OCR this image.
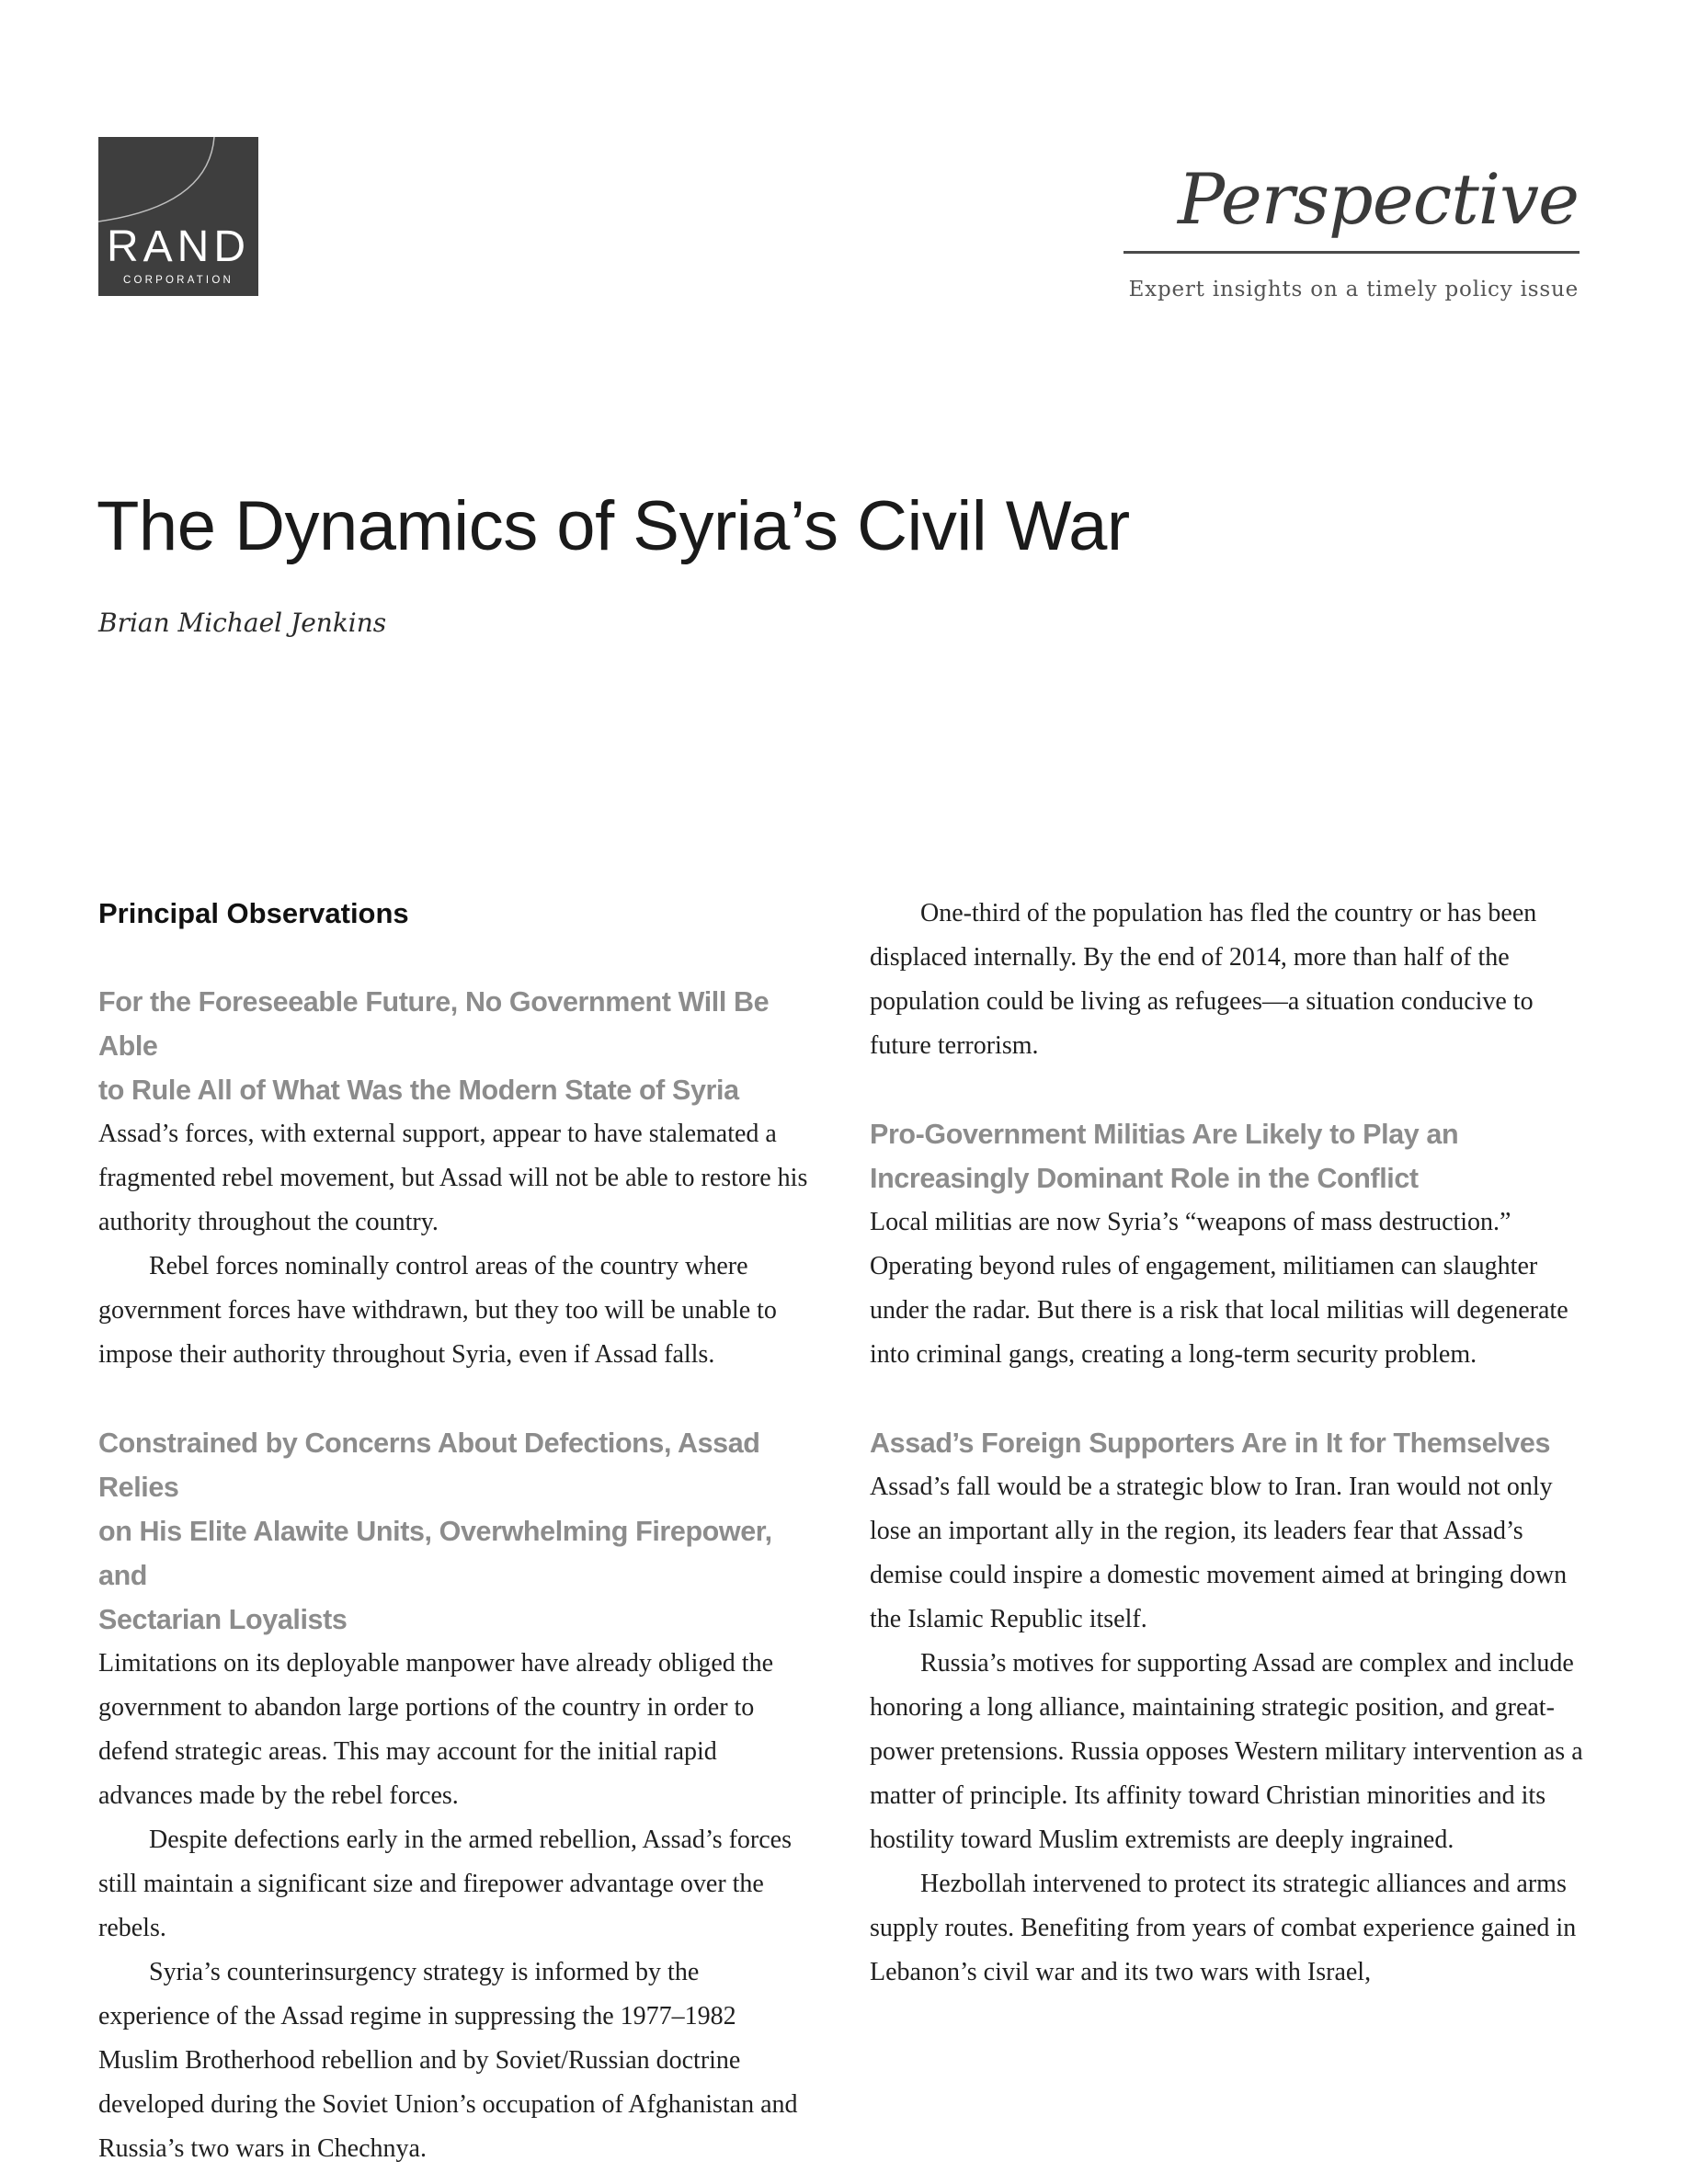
RAND
CORPORATION
Perspective
Expert insights on a timely policy issue
The Dynamics of Syria’s Civil War
Brian Michael Jenkins
Principal Observations
For the Foreseeable Future, No Government Will Be Able
to Rule All of What Was the Modern State of Syria

Assad’s forces, with external support, appear to have stalemated a fragmented rebel movement, but Assad will not be able to restore his authority throughout the country.

Rebel forces nominally control areas of the country where government forces have withdrawn, but they too will be unable to impose their authority throughout Syria, even if Assad falls.

Constrained by Concerns About Defections, Assad Relies
on His Elite Alawite Units, Overwhelming Firepower, and
Sectarian Loyalists

Limitations on its deployable manpower have already obliged the government to abandon large portions of the country in order to defend strategic areas. This may account for the initial rapid advances made by the rebel forces.

Despite defections early in the armed rebellion, Assad’s forces still maintain a significant size and firepower advantage over the rebels.

Syria’s counterinsurgency strategy is informed by the experience of the Assad regime in suppressing the 1977–1982 Muslim Brotherhood rebellion and by Soviet/Russian doctrine developed during the Soviet Union’s occupation of Afghanistan and Russia’s two wars in Chechnya.

One-third of the population has fled the country or has been displaced internally. By the end of 2014, more than half of the population could be living as refugees—a situation conducive to future terrorism.

Pro-Government Militias Are Likely to Play an
Increasingly Dominant Role in the Conflict

Local militias are now Syria’s “weapons of mass destruction.” Operating beyond rules of engagement, militiamen can slaughter under the radar. But there is a risk that local militias will degenerate into criminal gangs, creating a long-term security problem.

Assad’s Foreign Supporters Are in It for Themselves

Assad’s fall would be a strategic blow to Iran. Iran would not only lose an important ally in the region, its leaders fear that Assad’s demise could inspire a domestic movement aimed at bringing down the Islamic Republic itself.

Russia’s motives for supporting Assad are complex and include honoring a long alliance, maintaining strategic position, and great-power pretensions. Russia opposes Western military intervention as a matter of principle. Its affinity toward Christian minorities and its hostility toward Muslim extremists are deeply ingrained.

Hezbollah intervened to protect its strategic alliances and arms supply routes. Benefiting from years of combat experience gained in Lebanon’s civil war and its two wars with Israel,
